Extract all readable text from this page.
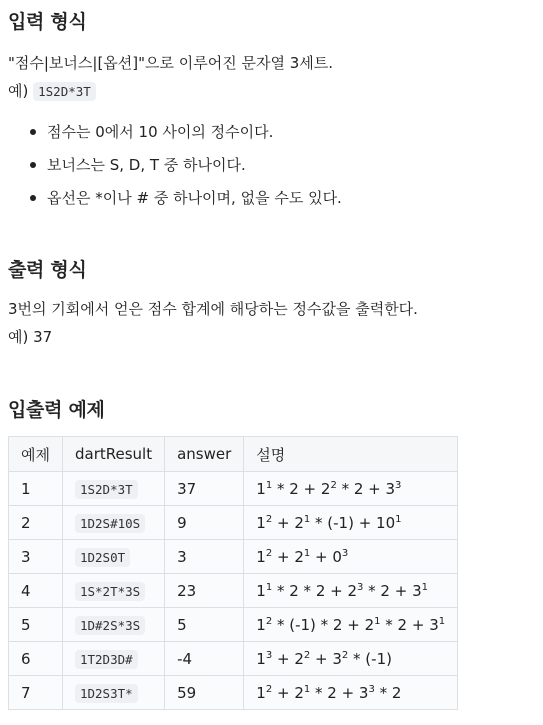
입력 형식
"점수|보너스|[옵션]"으로 이루어진 문자열 3세트.
예) 1S2D*3T
점수는 0에서 10 사이의 정수이다.
보너스는 S, D, T 중 하나이다.
옵선은 *이나 # 중 하나이며, 없을 수도 있다.
출력 형식
3번의 기회에서 얻은 점수 합계에 해당하는 정수값을 출력한다.
예) 37
입출력 예제
예제	dartResult	answer	설명
1	1S2D*3T	37	$1^1 * 2 + 2^2 * 2 + 3^3$
2	1D2S#10S	9	$1^2 + 2^1 * (-1) + 10^1$
3	1D2S0T	3	$1^2 + 2^1 + 0^3$
4	1S*2T*3S	23	$1^1 * 2 * 2 + 2^3 * 2 + 3^1$
5	1D#2S*3S	5	$1^2 * (-1) * 2 + 2^1 * 2 + 3^1$
6	1T2D3D#	-4	$1^3 + 2^2 + 3^2 * (-1)$
7	1D2S3T*	59	$1^2 + 2^1 * 2 + 3^3 * 2$
